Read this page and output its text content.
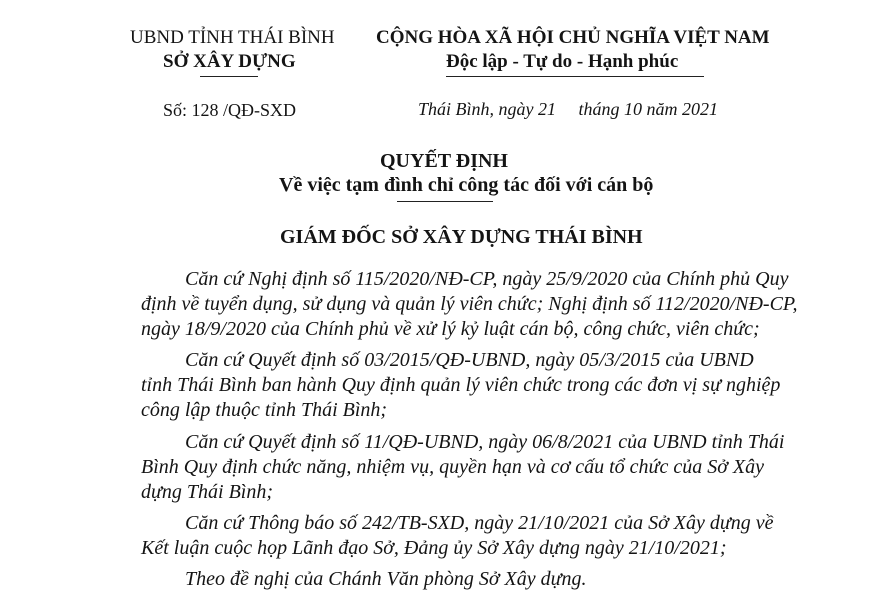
UBND TỈNH THÁI BÌNH
SỞ XÂY DỰNG
CỘNG HÒA XÃ HỘI CHỦ NGHĨA VIỆT NAM
Độc lập - Tự do - Hạnh phúc
Số: 128 /QĐ-SXD	Thái Bình, ngày 21     tháng 10 năm 2021
QUYẾT ĐỊNH
Về việc tạm đình chỉ công tác đối với cán bộ
GIÁM ĐỐC SỞ XÂY DỰNG THÁI BÌNH
Căn cứ Nghị định số 115/2020/NĐ-CP, ngày 25/9/2020 của Chính phủ Quy
định về tuyển dụng, sử dụng và quản lý viên chức; Nghị định số 112/2020/NĐ-CP,
ngày 18/9/2020 của Chính phủ về xử lý kỷ luật cán bộ, công chức, viên chức;
Căn cứ Quyết định số 03/2015/QĐ-UBND, ngày 05/3/2015 của UBND
tỉnh Thái Bình ban hành Quy định quản lý viên chức trong các đơn vị sự nghiệp
công lập thuộc tỉnh Thái Bình;
Căn cứ Quyết định số 11/QĐ-UBND, ngày 06/8/2021 của UBND tỉnh Thái
Bình Quy định chức năng, nhiệm vụ, quyền hạn và cơ cấu tổ chức của Sở Xây
dựng Thái Bình;
Căn cứ Thông báo số 242/TB-SXD, ngày 21/10/2021 của Sở Xây dựng về
Kết luận cuộc họp Lãnh đạo Sở, Đảng ủy Sở Xây dựng ngày 21/10/2021;
Theo đề nghị của Chánh Văn phòng Sở Xây dựng.
